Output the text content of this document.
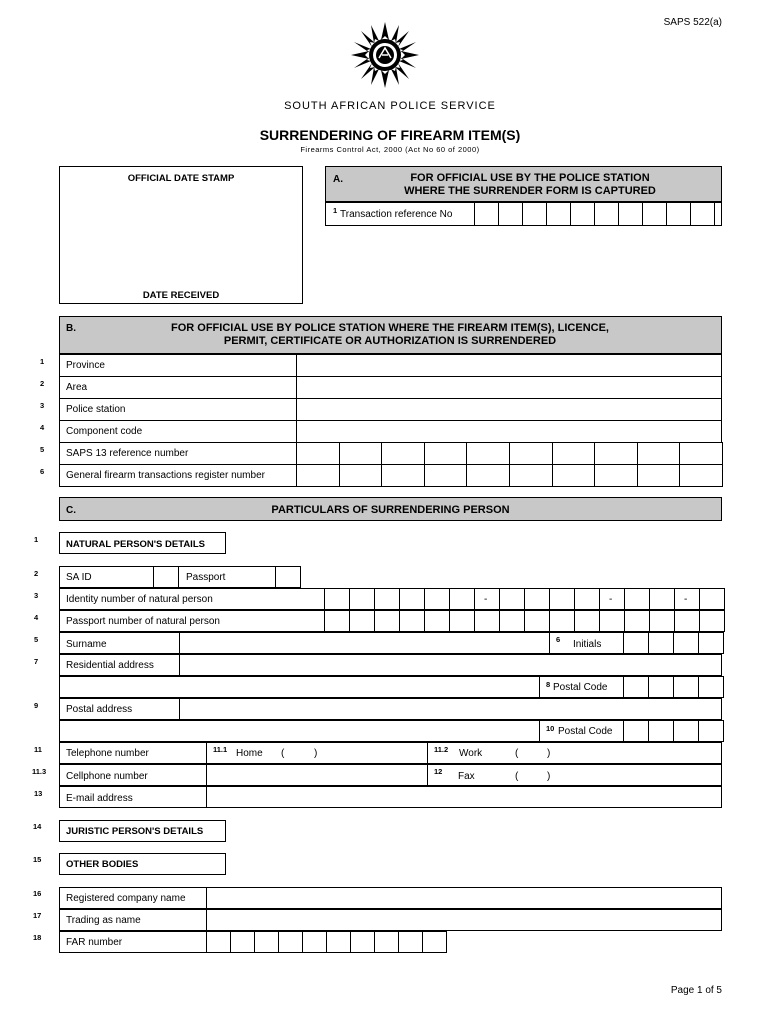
SAPS 522(a)
SOUTH AFRICAN POLICE SERVICE
SURRENDERING OF FIREARM ITEM(S)
Firearms Control Act, 2000 (Act No 60 of 2000)
OFFICIAL DATE STAMP
DATE RECEIVED
A.	FOR OFFICIAL USE BY THE POLICE STATION
WHERE THE SURRENDER FORM IS CAPTURED
1 Transaction reference No
B.	FOR OFFICIAL USE BY POLICE STATION WHERE THE FIREARM ITEM(S), LICENCE,
PERMIT, CERTIFICATE OR AUTHORIZATION IS SURRENDERED
1 Province
2 Area
3 Police station
4 Component code
5 SAPS 13 reference number
6 General firearm transactions register number
C.	PARTICULARS OF SURRENDERING PERSON
1	NATURAL PERSON'S DETAILS
2	SA ID	Passport
3	Identity number of natural person	-	-	-
4	Passport number of natural person
5	Surname	6 Initials
7	Residential address
8 Postal Code
9	Postal address
10 Postal Code
11 Telephone number	11.1 Home (	)	11.2 Work	(	)
11.3 Cellphone number	12 Fax	(	)
13 E-mail address
14	JURISTIC PERSON'S DETAILS
15	OTHER BODIES
16 Registered company name
17 Trading as name
18 FAR number
Page 1 of 5
